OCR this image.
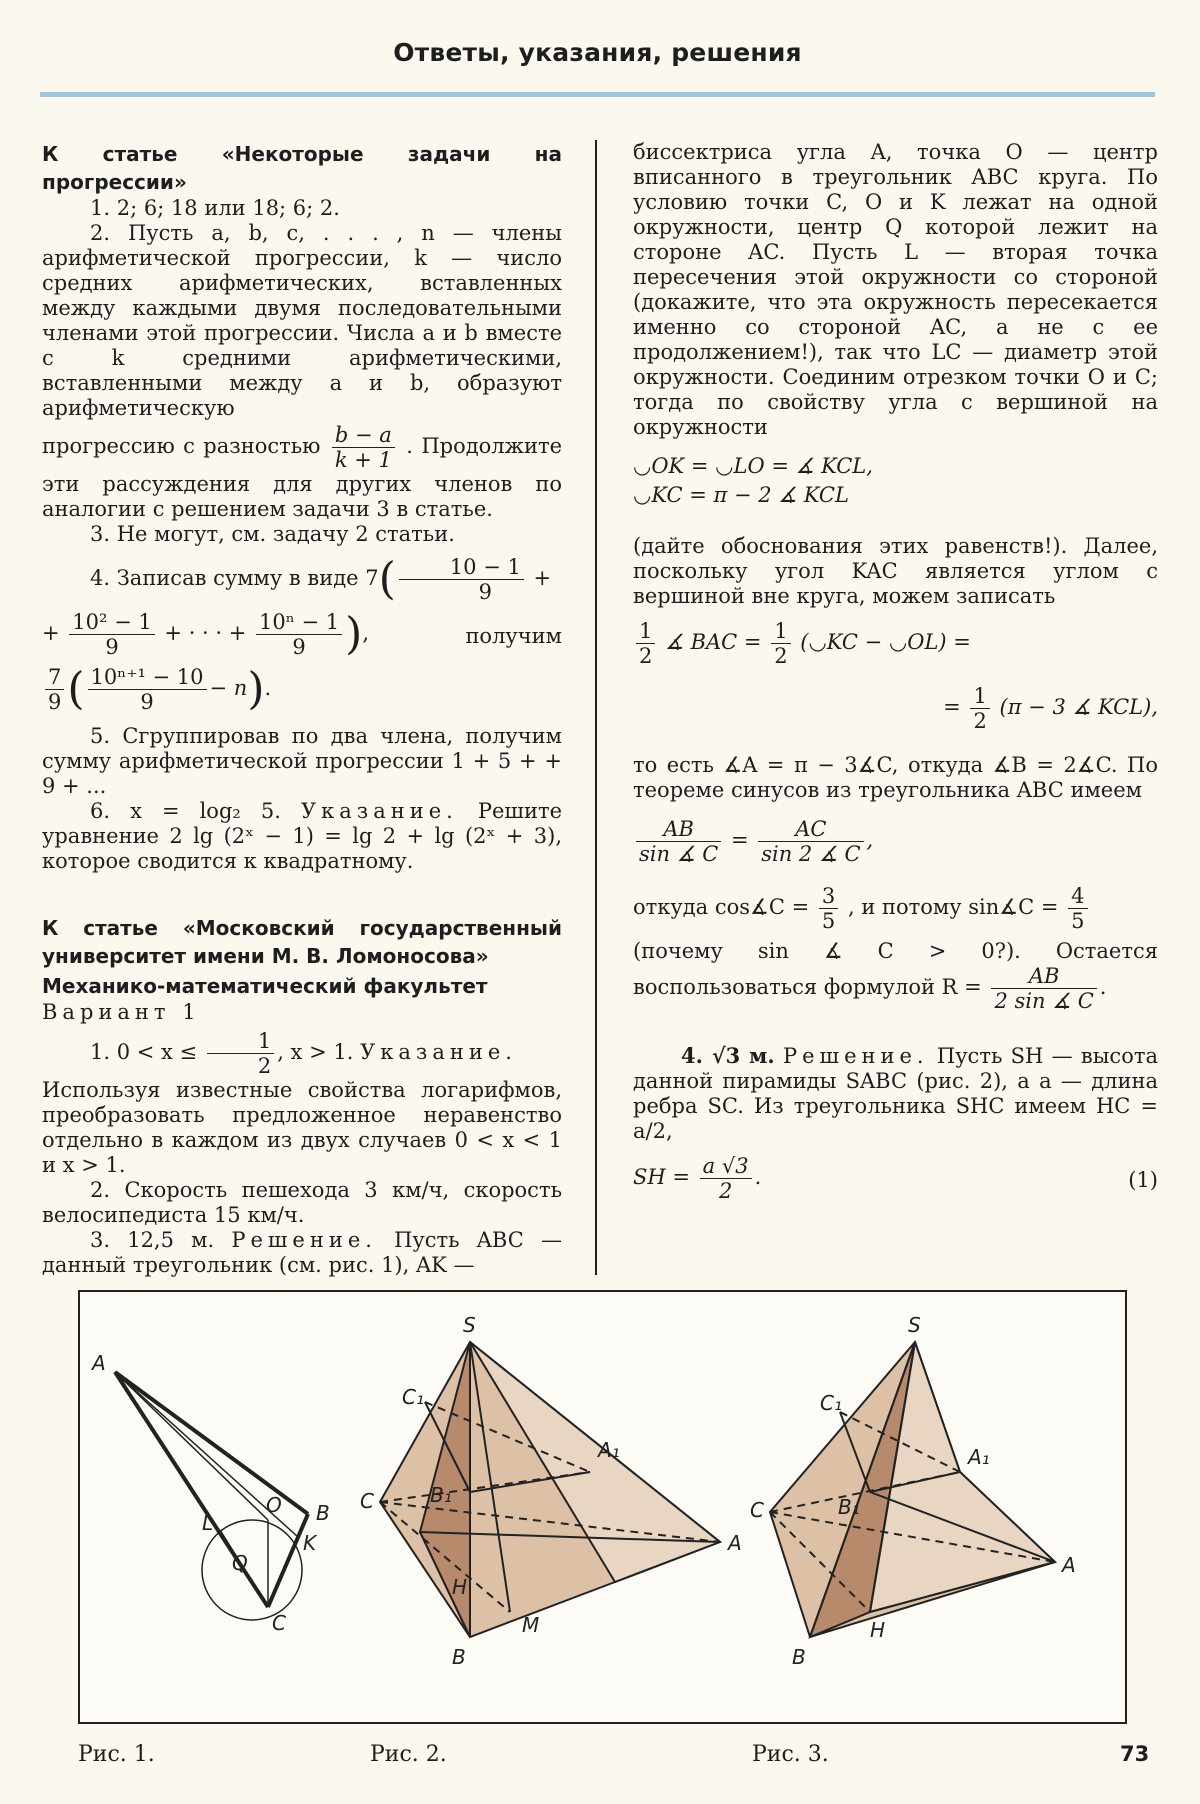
Ответы, указания, решения

К статье «Некоторые задачи на прогрессии»

1. 2; 6; 18 или 18; 6; 2.

2. Пусть a, b, c, . . . , n — члены арифметической прогрессии, k — число средних арифметических, вставленных между каждыми двумя последовательными членами этой прогрессии. Числа a и b вместе с k средними арифметическими, вставленными между a и b, образуют арифметическую

прогрессию с разностью $\frac{b - a}{k + 1}$ . Продолжите эти рассуждения для других членов по аналогии с решением задачи 3 в статье.

3. Не могут, см. задачу 2 статьи.

4. Записав сумму в виде $7( \frac{10 - 1}{9}$ +

+ $\frac{\text{10² − 1}}{9}$ + · · · + $\frac{\text{10ⁿ − 1}}{9}$ ),	получим

$\frac{7}{9}$ ( $\frac{\text{10ⁿ⁺¹ − 10}}{9} - n$).

5. Сгруппировав по два члена, получим сумму арифметической прогрессии 1 + 5 + + 9 + ...

6. x = log₂ 5. Указание. Решите уравнение 2 lg (2ˣ − 1) = lg 2 + lg (2ˣ + 3), которое сводится к квадратному.

К статье «Московский государственный университет имени М. В. Ломоносова»

Механико-математический факультет

Вариант 1

1. $0 < x \le \frac{1}{2}$ , x > 1. Указание.

Используя известные свойства логарифмов, преобразовать предложенное неравенство отдельно в каждом из двух случаев 0 < x < 1 и x > 1.

2. Скорость пешехода 3 км/ч, скорость велосипедиста 15 км/ч.

3. 12,5 м. Решение. Пусть ABC — данный треугольник (см. рис. 1), AK —

биссектриса угла A, точка O — центр вписанного в треугольник ABC круга. По условию точки C, O и K лежат на одной окружности, центр Q которой лежит на стороне AC. Пусть L — вторая точка пересечения этой окружности со стороной (докажите, что эта окружность пересекается именно со стороной AC, а не с ее продолжением!), так что LC — диаметр этой окружности. Соединим отрезком точки O и C; тогда по свойству угла с вершиной на окружности

◡OK = ◡LO = ∡ KCL,

◡KC = π − 2 ∡ KCL

(дайте обоснования этих равенств!). Далее, поскольку угол KAC является углом с вершиной вне круга, можем записать

$\frac{1}{2}$ ∡ BAC = $\frac{1}{2}$ (◡KC − ◡OL) =

= $\frac{1}{2} (\pi - 3$ ∡ KCL),

то есть ∡A = π − 3∡C, откуда ∡B = 2∡C. По теореме синусов из треугольника ABC имеем

$\frac{AB}{\sin ∡ C} = \frac{AC}{\sin 2 ∡ C}$ ,

откуда cos∡C = $\frac{3}{5}$ , и потому sin∡C = $\frac{4}{5}$

(почему sin ∡ C > 0?). Остается воспользоваться формулой $R = \frac{AB}{2 \sin ∡ C}$ .

4. √3 м. Решение. Пусть SH — высота данной пирамиды SABC (рис. 2), а a — длина ребра SC. Из треугольника SHC имеем HC = a/2,

SH = $\frac{a √3}{2}$ .	(1)

A
L
O B
K
Q
C
S
C₁
A₁
C	B₁
H
M
A
B
S
C₁
A₁
C	B₁
H
A
B
Рис. 1.	Рис. 2.	Рис. 3.	73
